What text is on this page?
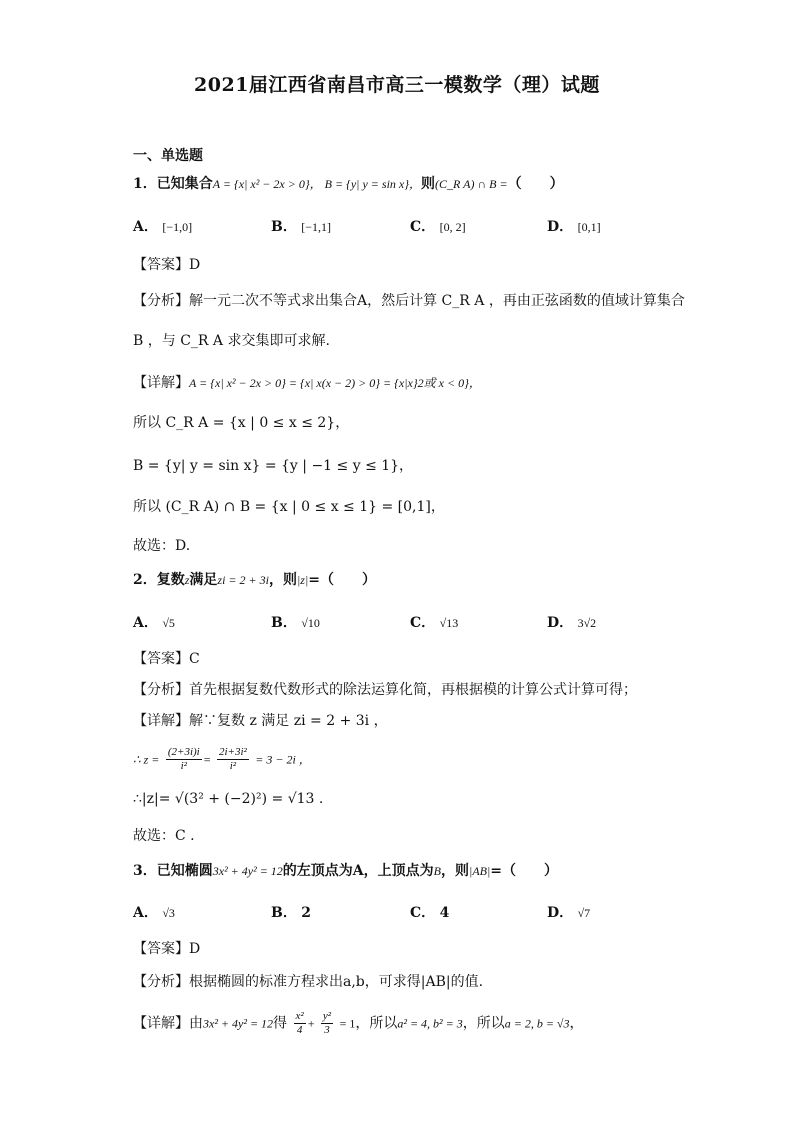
2021届江西省南昌市高三一模数学（理）试题
一、单选题
1．已知集合A = {x| x² − 2x > 0}， B = {y| y = sin x}，则(C_R A) ∩ B =（　　）
A． [−1,0]	B． [−1,1]	C． [0, 2]	D． [0,1]
【答案】D
【分析】解一元二次不等式求出集合A，然后计算 C_R A ，再由正弦函数的值域计算集合
B ，与 C_R A 求交集即可求解.
【详解】A = {x| x² − 2x > 0} = {x| x(x − 2) > 0} = {x|x}2或 x < 0}，
所以 C_R A = {x | 0 ≤ x ≤ 2}，
B = {y| y = sin x} = {y | −1 ≤ y ≤ 1}，
所以 (C_R A) ∩ B = {x | 0 ≤ x ≤ 1} = [0,1]，
故选：D.
2．复数z满足zi = 2 + 3i，则|z|=（　　）
A． √5	B． √10	C． √13	D． 3√2
【答案】C
【分析】首先根据复数代数形式的除法运算化简，再根据模的计算公式计算可得；
【详解】解∵复数 z 满足 zi = 2 + 3i ，
∴ $z = \frac{(2+3i)i}{\text{i²}} = \frac{\text{2i+3i²}}{\text{i²}} = 3 - 2i$ ，
∴|z|= √(3² + (−2)²) = √13 .
故选：C .
3．已知椭圆3x² + 4y² = 12的左顶点为A，上顶点为B，则|AB|=（　　）
A． √3	B． 2	C． 4	D． √7
【答案】D
【分析】根据椭圆的标准方程求出a,b，可求得|AB|的值.
【详解】由3x² + 4y² = 12得 $\frac{\text{x²}}{4} + \frac{\text{y²}}{3} = 1$，所以a² = 4, b² = 3，所以a = 2, b = √3，
